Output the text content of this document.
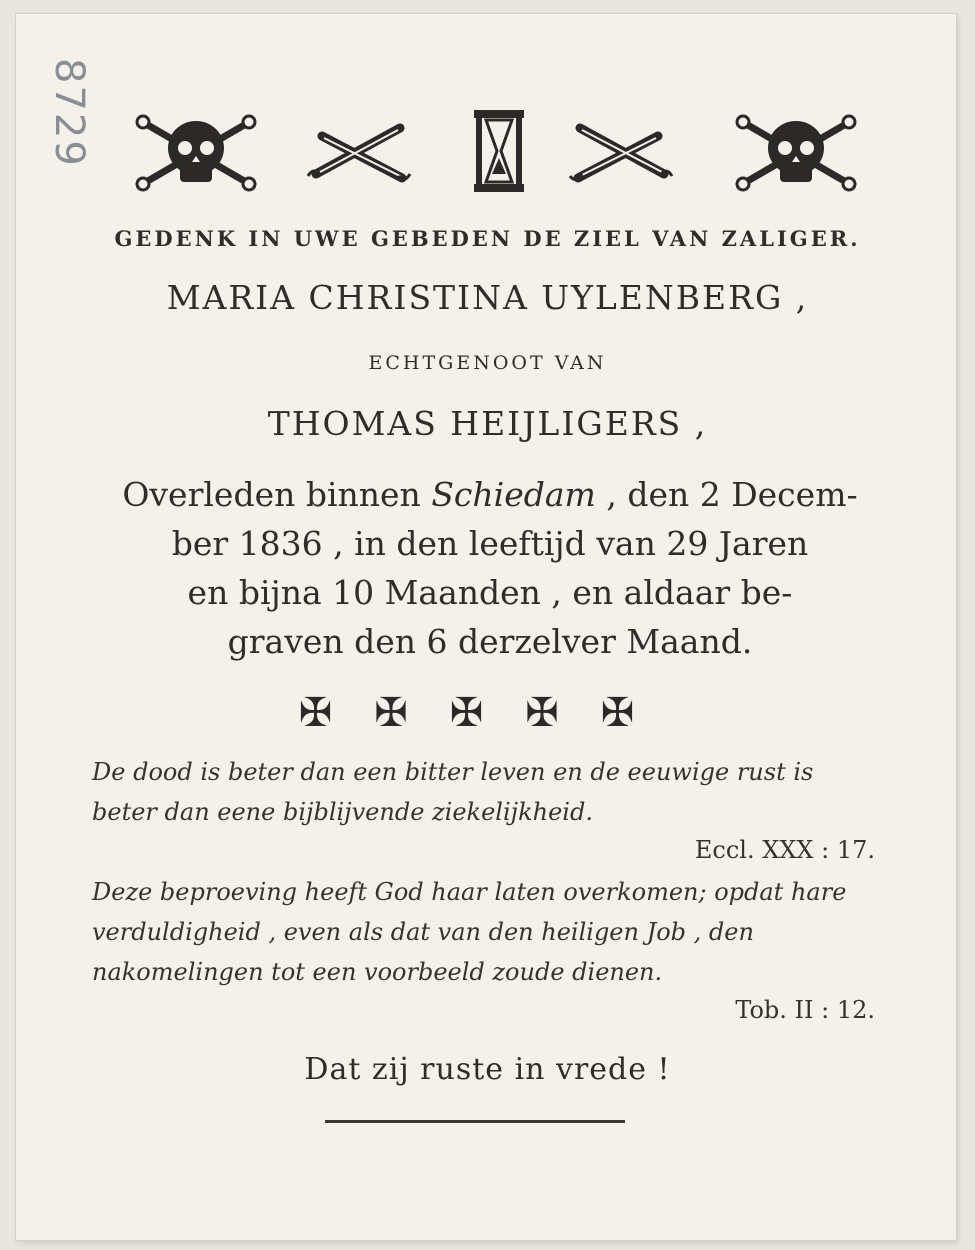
8729
GEDENK IN UWE GEBEDEN DE ZIEL VAN ZALIGER.
MARIA CHRISTINA UYLENBERG ,
ECHTGENOOT VAN
THOMAS HEIJLIGERS ,
Overleden binnen Schiedam , den 2 Decem-
ber 1836 , in den leeftijd van 29 Jaren
en bijna 10 Maanden , en aldaar be-
graven den 6 derzelver Maand.
✠✠✠✠✠
De dood is beter dan een bitter leven en de eeuwige rust is beter dan eene bijblijvende ziekelijkheid.
Eccl. XXX : 17.
Deze beproeving heeft God haar laten overkomen; opdat hare verduldigheid , even als dat van den heiligen Job , den nakomelingen tot een voorbeeld zoude dienen.
Tob. II : 12.
Dat zij ruste in vrede !
